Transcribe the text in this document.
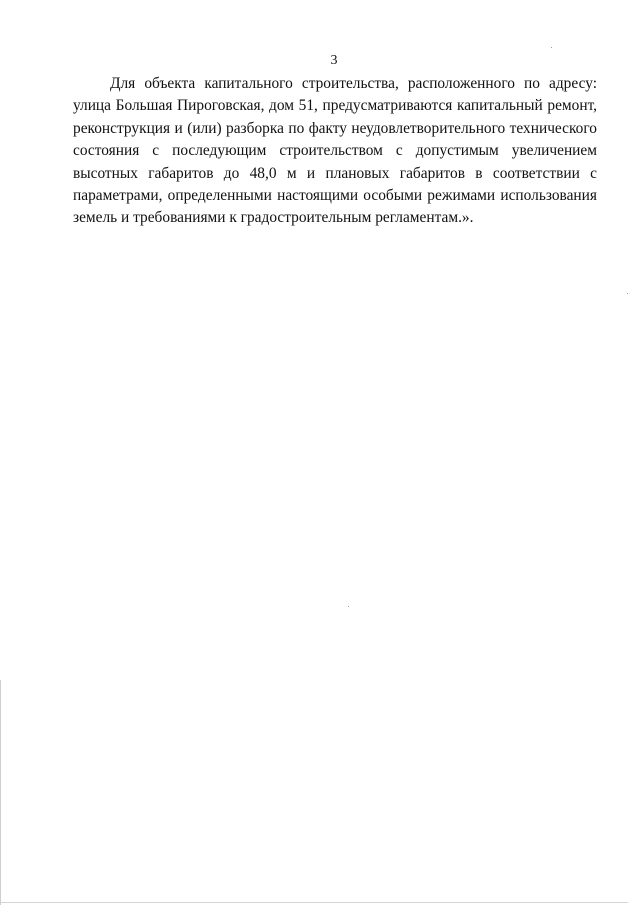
3

Для объекта капитального строительства, расположенного по адресу: улица Большая Пироговская, дом 51, предусматриваются капитальный ремонт, реконструкция и (или) разборка по факту неудовлетворительного технического состояния с последующим строительством с допустимым увеличением высотных габаритов до 48,0 м и плановых габаритов в соответствии с параметрами, определенными настоящими особыми режимами использования земель и требованиями к градостроительным регламентам.».
